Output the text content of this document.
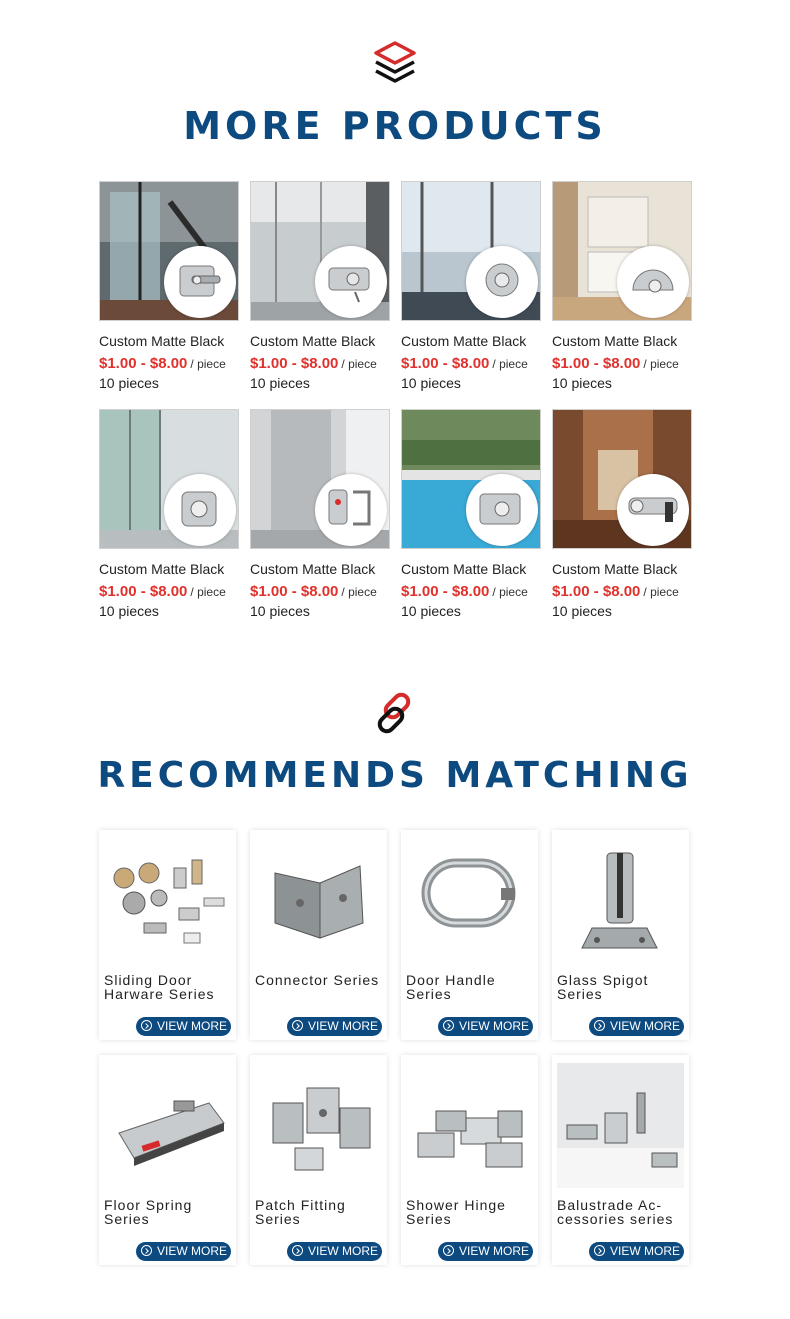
MORE PRODUCTS
Custom Matte Black
$1.00 - $8.00 / piece
10 pieces
Custom Matte Black
$1.00 - $8.00 / piece
10 pieces
Custom Matte Black
$1.00 - $8.00 / piece
10 pieces
Custom Matte Black
$1.00 - $8.00 / piece
10 pieces
Custom Matte Black
$1.00 - $8.00 / piece
10 pieces
Custom Matte Black
$1.00 - $8.00 / piece
10 pieces
Custom Matte Black
$1.00 - $8.00 / piece
10 pieces
Custom Matte Black
$1.00 - $8.00 / piece
10 pieces
RECOMMENDS MATCHING
Sliding Door
Harware Series
VIEW MORE
Connector Series

VIEW MORE
Door Handle
Series
VIEW MORE
Glass Spigot
Series
VIEW MORE
Floor Spring
Series
VIEW MORE
Patch Fitting
Series
VIEW MORE
Shower Hinge
Series
VIEW MORE
Balustrade Ac-
cessories series
VIEW MORE
